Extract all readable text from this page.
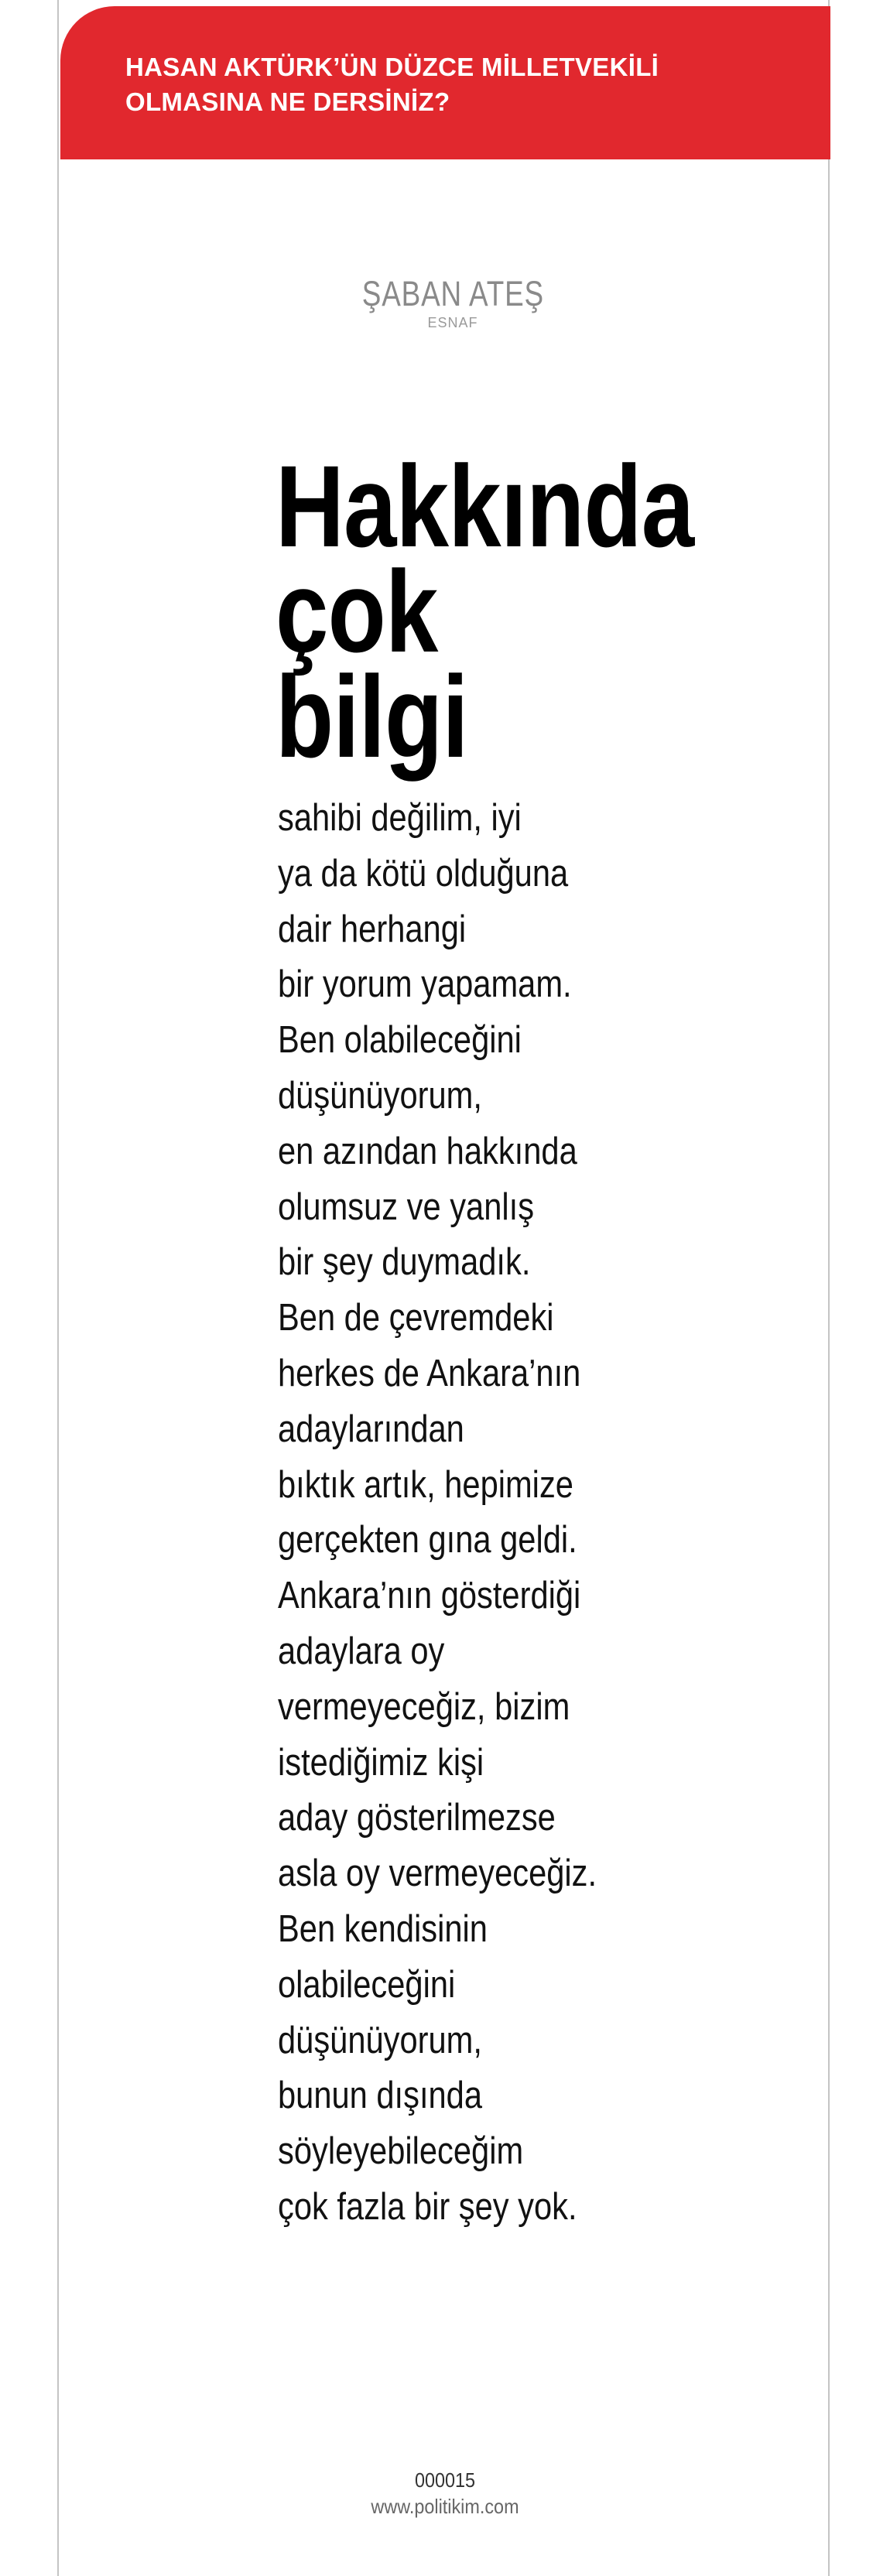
HASAN AKTÜRK’ÜN DÜZCE MİLLETVEKİLİ
OLMASINA NE DERSİNİZ?
ŞABAN ATEŞ
ESNAF

Hakkında
çok
bilgi

sahibi değilim, iyi
ya da kötü olduğuna
dair herhangi
bir yorum yapamam.
Ben olabileceğini
düşünüyorum,
en azından hakkında
olumsuz ve yanlış
bir şey duymadık.
Ben de çevremdeki
herkes de Ankara’nın
adaylarından
bıktık artık, hepimize
gerçekten gına geldi.
Ankara’nın gösterdiği
adaylara oy
vermeyeceğiz, bizim
istediğimiz kişi
aday gösterilmezse
asla oy vermeyeceğiz.
Ben kendisinin
olabileceğini
düşünüyorum,
bunun dışında
söyleyebileceğim
çok fazla bir şey yok.

000015
www.politikim.com
